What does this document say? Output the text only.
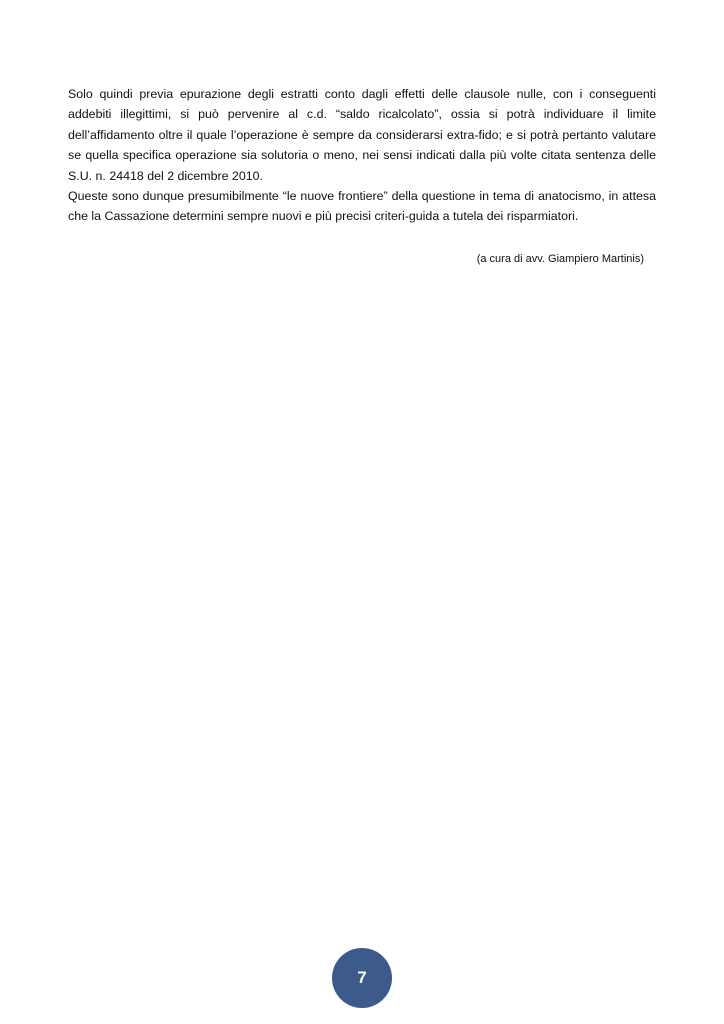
Solo quindi previa epurazione degli estratti conto dagli effetti delle clausole nulle, con i conseguenti addebiti illegittimi, si può pervenire al c.d. “saldo ricalcolato”, ossia si potrà individuare il limite dell’affidamento oltre il quale l’operazione è sempre da considerarsi extra-fido; e si potrà pertanto valutare se quella specifica operazione sia solutoria o meno, nei sensi indicati dalla più volte citata sentenza delle S.U. n. 24418 del 2 dicembre 2010.

Queste sono dunque presumibilmente “le nuove frontiere” della questione in tema di anatocismo, in attesa che la Cassazione determini sempre nuovi e più precisi criteri-guida a tutela dei risparmiatori.

(a cura di avv. Giampiero Martinis)

7
